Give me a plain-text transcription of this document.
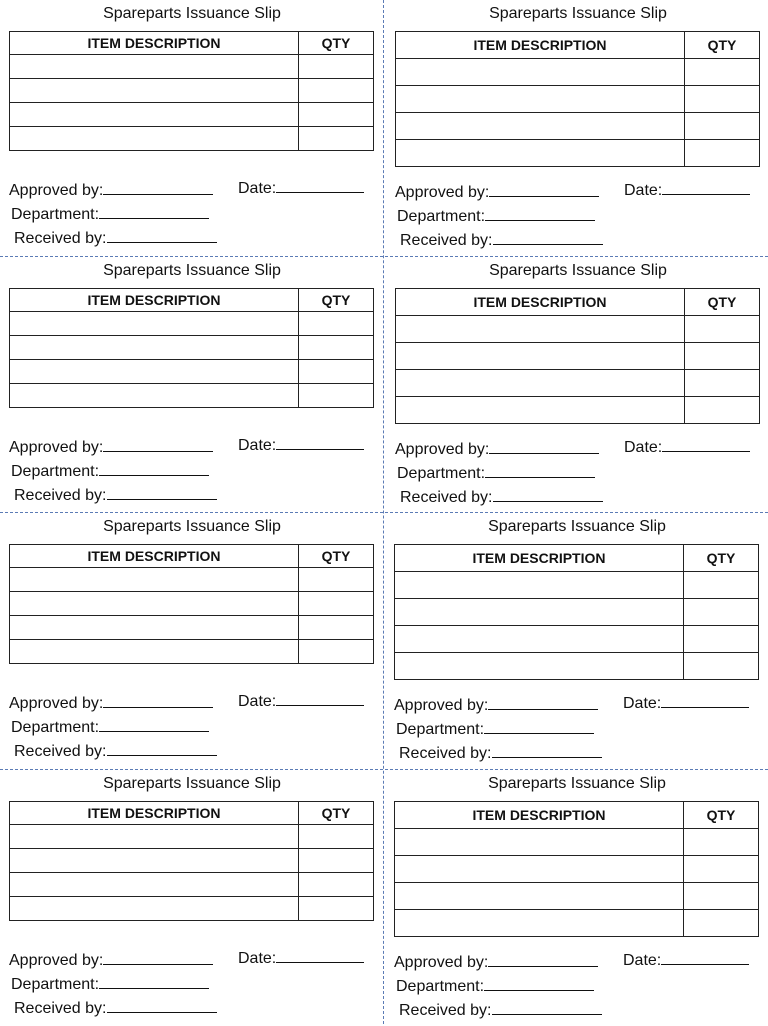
Spareparts Issuance Slip
ITEM DESCRIPTION	QTY

Approved by:	Date:
Department:
Received by:
Spareparts Issuance Slip
ITEM DESCRIPTION	QTY

Approved by:	Date:
Department:
Received by:
Spareparts Issuance Slip
ITEM DESCRIPTION	QTY

Approved by:	Date:
Department:
Received by:
Spareparts Issuance Slip
ITEM DESCRIPTION	QTY

Approved by:	Date:
Department:
Received by:
Spareparts Issuance Slip
ITEM DESCRIPTION	QTY

Approved by:	Date:
Department:
Received by:
Spareparts Issuance Slip
ITEM DESCRIPTION	QTY

Approved by:	Date:
Department:
Received by:
Spareparts Issuance Slip
ITEM DESCRIPTION	QTY

Approved by:	Date:
Department:
Received by:
Spareparts Issuance Slip
ITEM DESCRIPTION	QTY

Approved by:	Date:
Department:
Received by:
